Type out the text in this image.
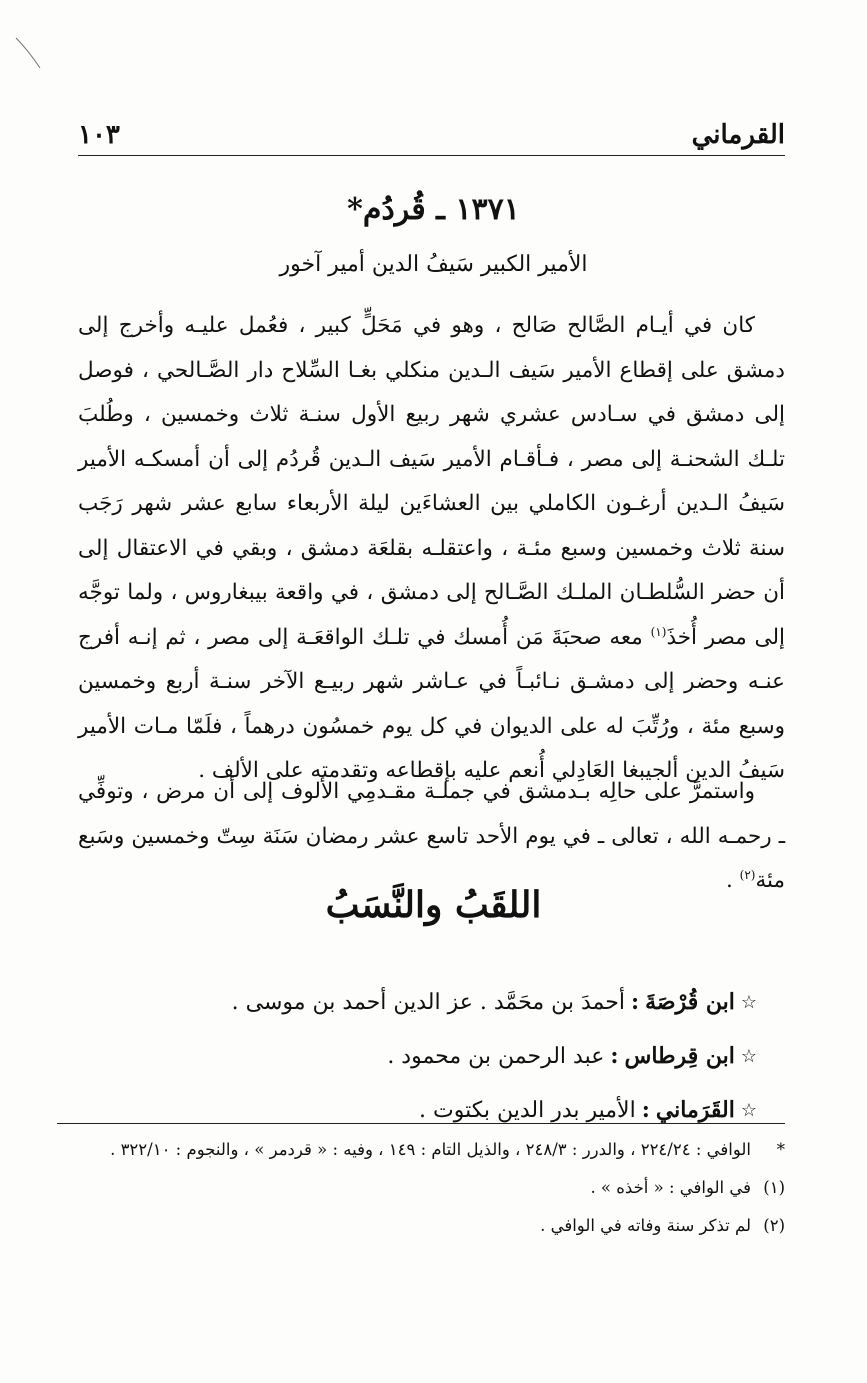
القرماني
١٠٣
١٣٧١ ـ قُردُم*
الأمير الكبير سَيفُ الدين أمير آخور
كان في أيـام الصَّالح صَالح ، وهو في مَحَلٍّ كبير ، فعُمل عليـه وأخرج إلى دمشق على إقطاع الأمير سَيف الـدين منكلي بغـا السِّلاح دار الصَّـالحي ، فوصل إلى دمشق في سـادس عشري شهر ربيع الأول سنـة ثلاث وخمسين ، وطُلبَ تلـك الشحنـة إلى مصر ، فـأقـام الأمير سَيف الـدين قُردُم إلى أن أمسكـه الأمير سَيفُ الـدين أرغـون الكاملي بين العشاءَين ليلة الأربعاء سابع عشر شهر رَجَب سنة ثلاث وخمسين وسبع مئـة ، واعتقلـه بقلعَة دمشق ، وبقي في الاعتقال إلى أن حضر السُّلطـان الملـك الصَّـالح إلى دمشق ، في واقعة بيبغاروس ، ولما توجَّه إلى مصر أُخذَ$^{(١)}$ معه صحبَةَ مَن أُمسك في تلـك الواقعَـة إلى مصر ، ثم إنـه أفرج عنـه وحضر إلى دمشـق نـائبـاً في عـاشر شهر ربيـع الآخر سنـة أربع وخمسين وسبع مئة ، ورُتِّبَ له على الديوان في كل يوم خمسُون درهماً ، فلَمّا مـات الأمير سَيفُ الدين ألجيبغا العَادِلي أُنعم عليه بإقطاعه وتقدمته على الألف .
واستمرَّ على حالِه بـدمشق في جملـة مقـدمِي الألوف إلى أن مرض ، وتوفِّي ـ رحمـه الله ، تعالى ـ في يوم الأحد تاسع عشر رمضان سَنَة سِتّ وخمسين وسَبع مئة$^{(٢)}$ .
اللقَبُ والنَّسَبُ
☆
ابن قُرْصَةَ
:
أحمدَ بن محَمَّد . عز الدين أحمد بن موسى .
☆
ابن قِرطاس
:
عبد الرحمن بن محمود .
☆
القَرَماني
:
الأمير بدر الدين بكتوت .
*
الوافي : ٢٢٤/٢٤ ، والدرر : ٢٤٨/٣ ، والذيل التام : ١٤٩ ، وفيه : « قردمر » ، والنجوم : ٣٢٢/١٠ .
(١)
في الوافي : « أخذه » .
(٢)
لم تذكر سنة وفاته في الوافي .
